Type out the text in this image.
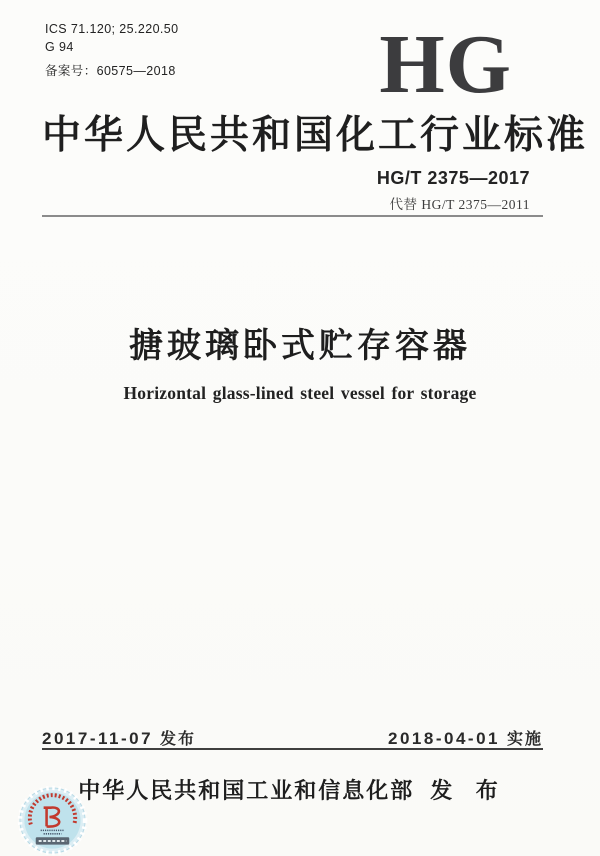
ICS 71.120; 25.220.50
G 94
备案号：60575—2018 HG
中华人民共和国化工行业标准
HG/T 2375—2017
代替 HG/T 2375—2011
搪玻璃卧式贮存容器
Horizontal glass-lined steel vessel for storage
2017-11-07 发布	2018-04-01 实施
中华人民共和国工业和信息化部 发 布
